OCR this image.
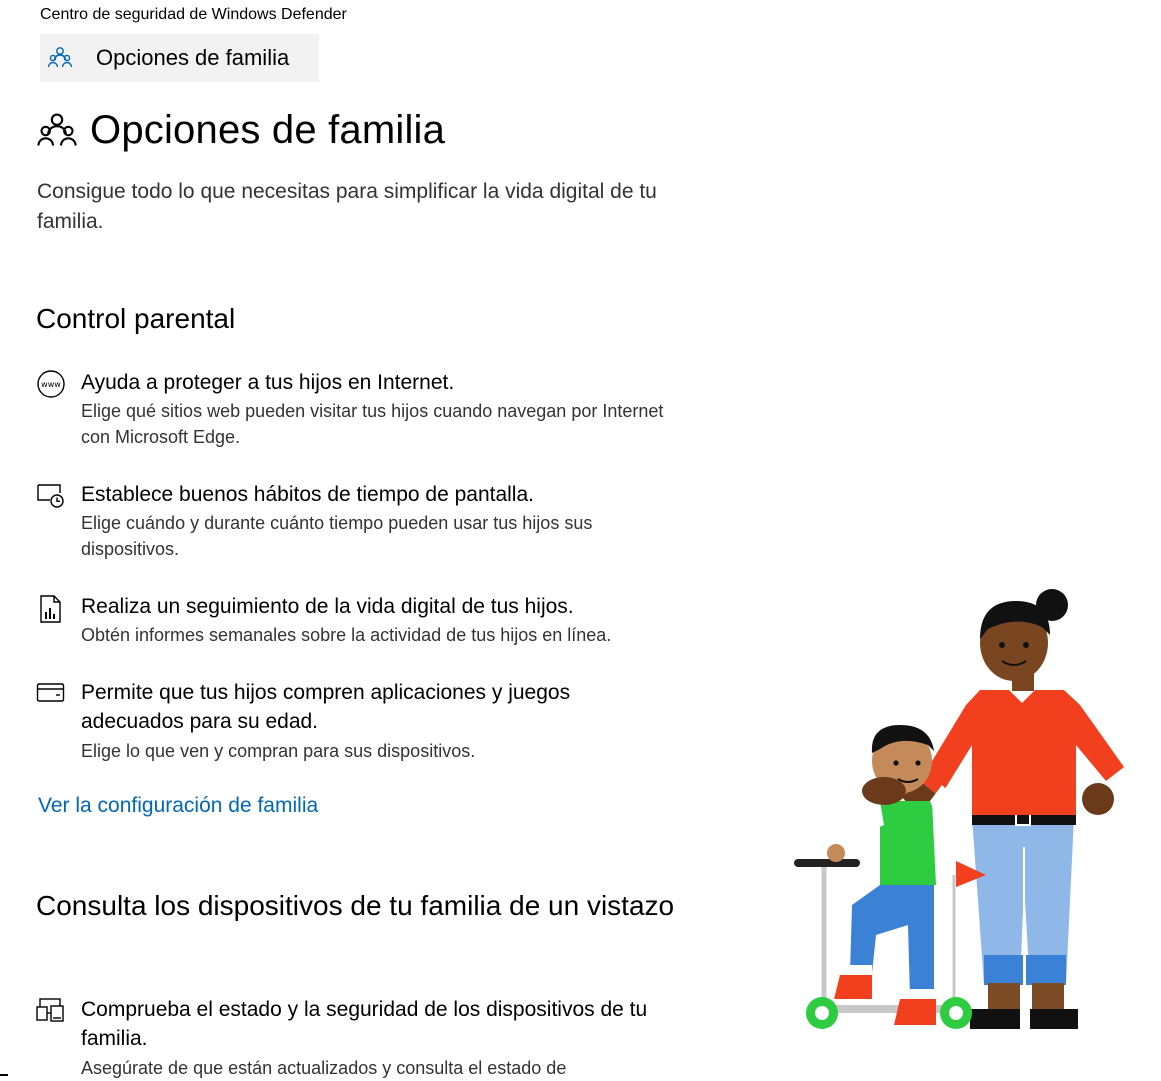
Centro de seguridad de Windows Defender
Opciones de familia
Opciones de familia

Consigue todo lo que necesitas para simplificar la vida digital de tu familia.

Control parental
www Ayuda a proteger a tus hijos en Internet.
Elige qué sitios web pueden visitar tus hijos cuando navegan por Internet con Microsoft Edge.
Establece buenos hábitos de tiempo de pantalla.
Elige cuándo y durante cuánto tiempo pueden usar tus hijos sus dispositivos.
Realiza un seguimiento de la vida digital de tus hijos.
Obtén informes semanales sobre la actividad de tus hijos en línea.
Permite que tus hijos compren aplicaciones y juegos adecuados para su edad.
Elige lo que ven y compran para sus dispositivos.
Ver la configuración de familia
Consulta los dispositivos de tu familia de un vistazo
Comprueba el estado y la seguridad de los dispositivos de tu familia.
Asegúrate de que están actualizados y consulta el estado de
